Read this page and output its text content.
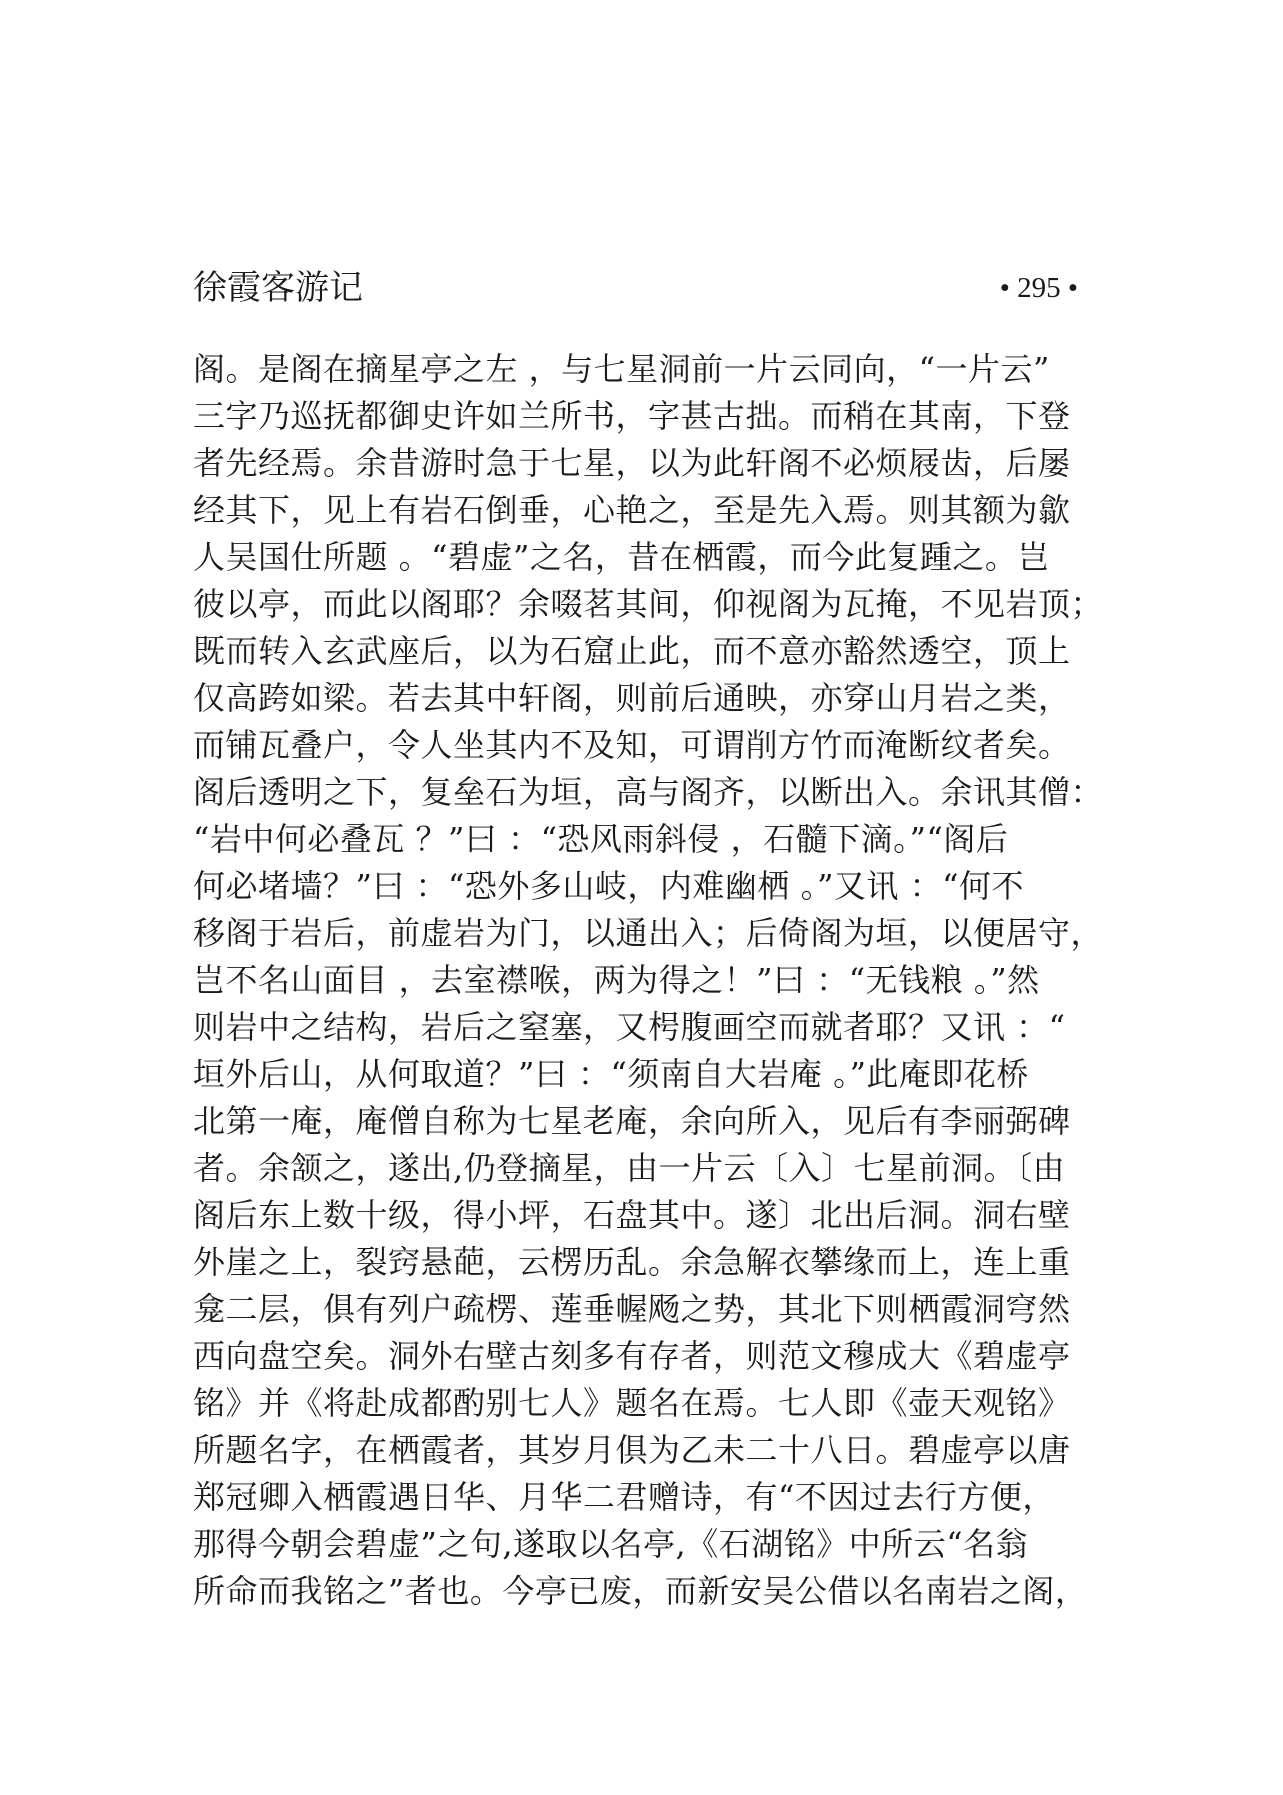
徐霞客游记	• 295 •
阁。是阁在摘星亭之左 ，与七星洞前一片云同向，“一片云”
三字乃巡抚都御史许如兰所书，字甚古拙。而稍在其南，下登
者先经焉。余昔游时急于七星，以为此轩阁不必烦屐齿，后屡
经其下，见上有岩石倒垂，心艳之，至是先入焉。则其额为歙
人吴国仕所题 。“碧虚”之名，昔在栖霞，而今此复踵之。岂
彼以亭，而此以阁耶？余啜茗其间，仰视阁为瓦掩，不见岩顶；
既而转入玄武座后，以为石窟止此，而不意亦豁然透空，顶上
仅高跨如梁。若去其中轩阁，则前后通映，亦穿山月岩之类，
而铺瓦叠户，令人坐其内不及知，可谓削方竹而淹断纹者矣。
阁后透明之下，复垒石为垣，高与阁齐，以断出入。余讯其僧：
“岩中何必叠瓦 ？”曰 ：“恐风雨斜侵 ，石髓下滴。”“阁后
何必堵墙？”曰 ：“恐外多山岐，内难幽栖 。”又讯 ：“何不
移阁于岩后，前虚岩为门，以通出入；后倚阁为垣，以便居守，
岂不名山面目 ，去室襟喉，两为得之！”曰 ：“无钱粮 。”然
则岩中之结构，岩后之窒塞，又枵腹画空而就者耶？又讯 ：“
垣外后山，从何取道？”曰 ：“须南自大岩庵 。”此庵即花桥
北第一庵，庵僧自称为七星老庵，余向所入，见后有李丽弼碑
者。余颔之，遂出,仍登摘星，由一片云〔入〕七星前洞。〔由
阁后东上数十级，得小坪，石盘其中。遂〕北出后洞。洞右壁
外崖之上，裂窍悬葩，云楞历乱。余急解衣攀缘而上，连上重
龛二层，俱有列户疏楞、莲垂幄飏之势，其北下则栖霞洞穹然
西向盘空矣。洞外右壁古刻多有存者，则范文穆成大《碧虚亭
铭》并《将赴成都酌别七人》题名在焉。七人即《壶天观铭》
所题名字，在栖霞者，其岁月俱为乙未二十八日。碧虚亭以唐
郑冠卿入栖霞遇日华、月华二君赠诗，有“不因过去行方便，
那得今朝会碧虚”之句,遂取以名亭,《石湖铭》中所云“名翁
所命而我铭之”者也。今亭已废，而新安吴公借以名南岩之阁，
